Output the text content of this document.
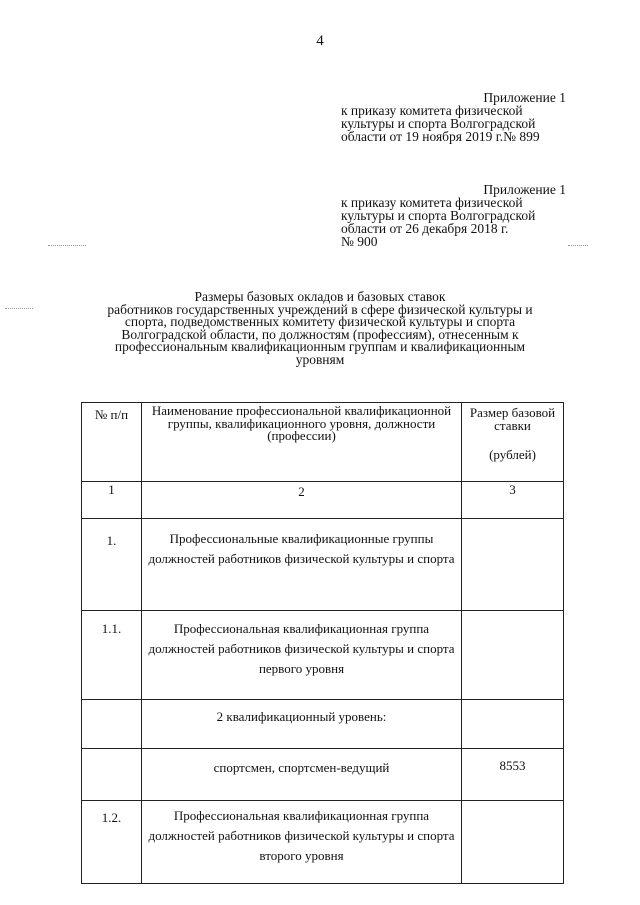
4
Приложение 1
к приказу комитета физической
культуры и спорта Волгоградской
области от 19 ноября 2019 г.№ 899
Приложение 1
к приказу комитета физической
культуры и спорта Волгоградской
области от 26 декабря 2018 г.
№ 900
Размеры базовых окладов и базовых ставок
работников государственных учреждений в сфере физической культуры и
спорта, подведомственных комитету физической культуры и спорта
Волгоградской области, по должностям (профессиям), отнесенным к
профессиональным квалификационным группам и квалификационным
уровням
№ п/п	Наименование профессиональной квалификационной группы, квалификационного уровня, должности (профессии)	Размер базовой ставки
(рублей)

1	2	3
1.	Профессиональные квалификационные группы должностей работников физической культуры и спорта	
1.1.	Профессиональная квалификационная группа должностей работников физической культуры и спорта первого уровня	
	2 квалификационный уровень:	
	спортсмен, спортсмен-ведущий	8553
1.2.	Профессиональная квалификационная группа должностей работников физической культуры и спорта второго уровня	
